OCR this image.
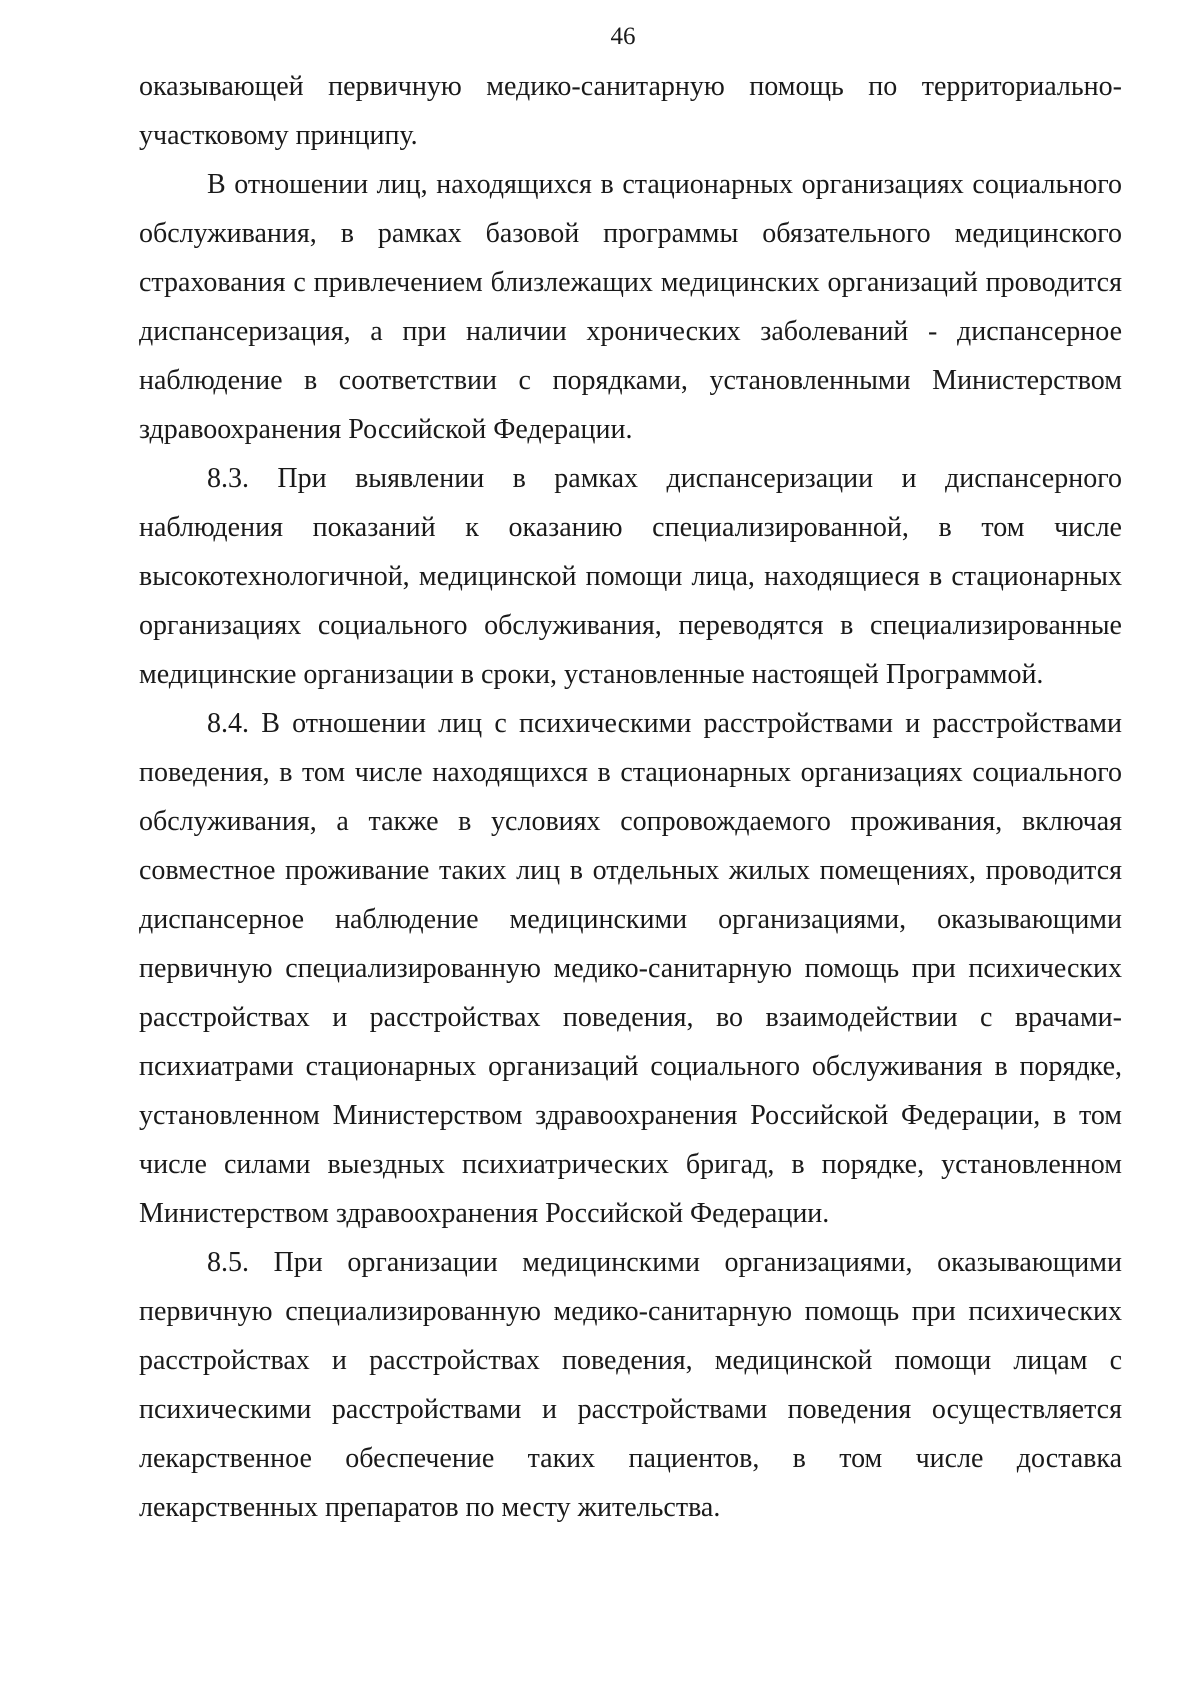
46

оказывающей первичную медико-санитарную помощь по территориально-участковому принципу.

В отношении лиц, находящихся в стационарных организациях социального обслуживания, в рамках базовой программы обязательного медицинского страхования с привлечением близлежащих медицинских организаций проводится диспансеризация, а при наличии хронических заболеваний - диспансерное наблюдение в соответствии с порядками, установленными Министерством здравоохранения Российской Федерации.

8.3. При выявлении в рамках диспансеризации и диспансерного наблюдения показаний к оказанию специализированной, в том числе высокотехнологичной, медицинской помощи лица, находящиеся в стационарных организациях социального обслуживания, переводятся в специализированные медицинские организации в сроки, установленные настоящей Программой.

8.4. В отношении лиц с психическими расстройствами и расстройствами поведения, в том числе находящихся в стационарных организациях социального обслуживания, а также в условиях сопровождаемого проживания, включая совместное проживание таких лиц в отдельных жилых помещениях, проводится диспансерное наблюдение медицинскими организациями, оказывающими первичную специализированную медико-санитарную помощь при психических расстройствах и расстройствах поведения, во взаимодействии с врачами-психиатрами стационарных организаций социального обслуживания в порядке, установленном Министерством здравоохранения Российской Федерации, в том числе силами выездных психиатрических бригад, в порядке, установленном Министерством здравоохранения Российской Федерации.

8.5. При организации медицинскими организациями, оказывающими первичную специализированную медико-санитарную помощь при психических расстройствах и расстройствах поведения, медицинской помощи лицам с психическими расстройствами и расстройствами поведения осуществляется лекарственное обеспечение таких пациентов, в том числе доставка лекарственных препаратов по месту жительства.
